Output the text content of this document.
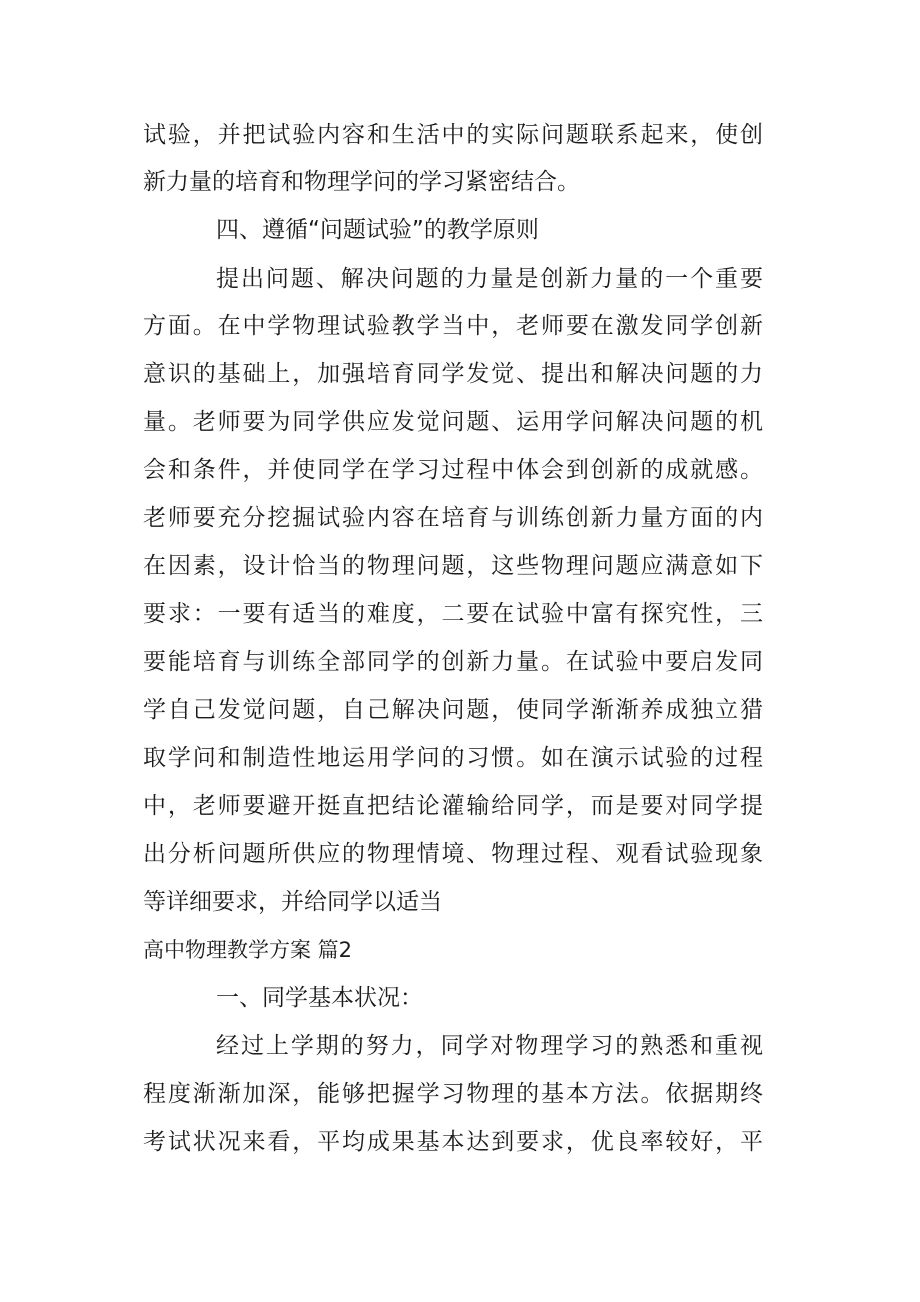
试验，并把试验内容和生活中的实际问题联系起来，使创
新力量的培育和物理学问的学习紧密结合。
四、遵循“问题试验”的教学原则
提出问题、解决问题的力量是创新力量的一个重要
方面。在中学物理试验教学当中，老师要在激发同学创新
意识的基础上，加强培育同学发觉、提出和解决问题的力
量。老师要为同学供应发觉问题、运用学问解决问题的机
会和条件，并使同学在学习过程中体会到创新的成就感。
老师要充分挖掘试验内容在培育与训练创新力量方面的内
在因素，设计恰当的物理问题，这些物理问题应满意如下
要求：一要有适当的难度，二要在试验中富有探究性，三
要能培育与训练全部同学的创新力量。在试验中要启发同
学自己发觉问题，自己解决问题，使同学渐渐养成独立猎
取学问和制造性地运用学问的习惯。如在演示试验的过程
中，老师要避开挺直把结论灌输给同学，而是要对同学提
出分析问题所供应的物理情境、物理过程、观看试验现象
等详细要求，并给同学以适当
高中物理教学方案 篇2
一、同学基本状况：
经过上学期的努力，同学对物理学习的熟悉和重视
程度渐渐加深，能够把握学习物理的基本方法。依据期终
考试状况来看，平均成果基本达到要求，优良率较好，平
